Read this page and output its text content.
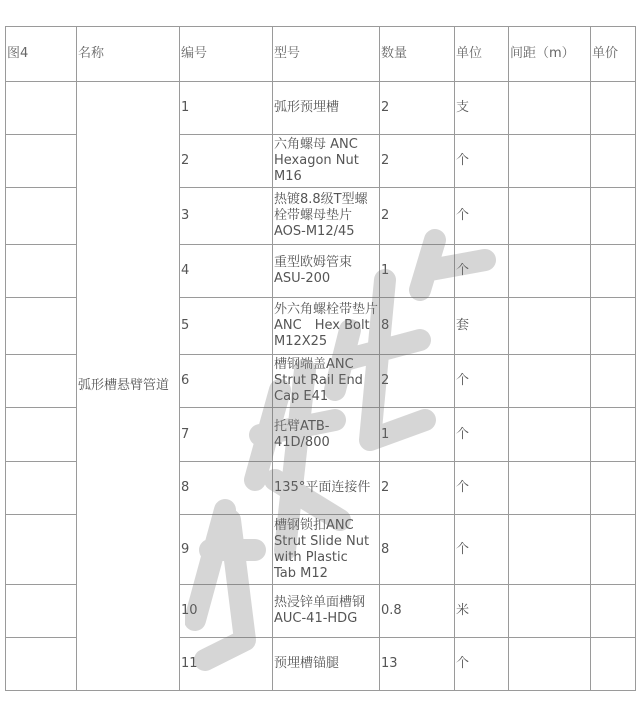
图4	名称	编号	型号	数量	单位	间距（m）	单价
	弧形槽悬臂管道	1	弧形预埋槽	2	支		
		2	六角螺母 ANC Hexagon Nut M16	2	个		
		3	热镀8.8级T型螺栓带螺母垫片AOS-M12/45	2	个		
		4	重型欧姆管束ASU-200	1	个		
		5	外六角螺栓带垫片ANC　Hex Bolt M12X25	8	套		
		6	槽钢端盖ANC Strut Rail End Cap E41	2	个		
		7	托臂ATB-41D/800	1	个		
		8	135°平面连接件	2	个		
		9	槽钢锁扣ANC Strut Slide Nut with Plastic　Tab M12	8	个		
		10	热浸锌单面槽钢AUC-41-HDG	0.8	米		
		11	预埋槽锚腿	13	个		
